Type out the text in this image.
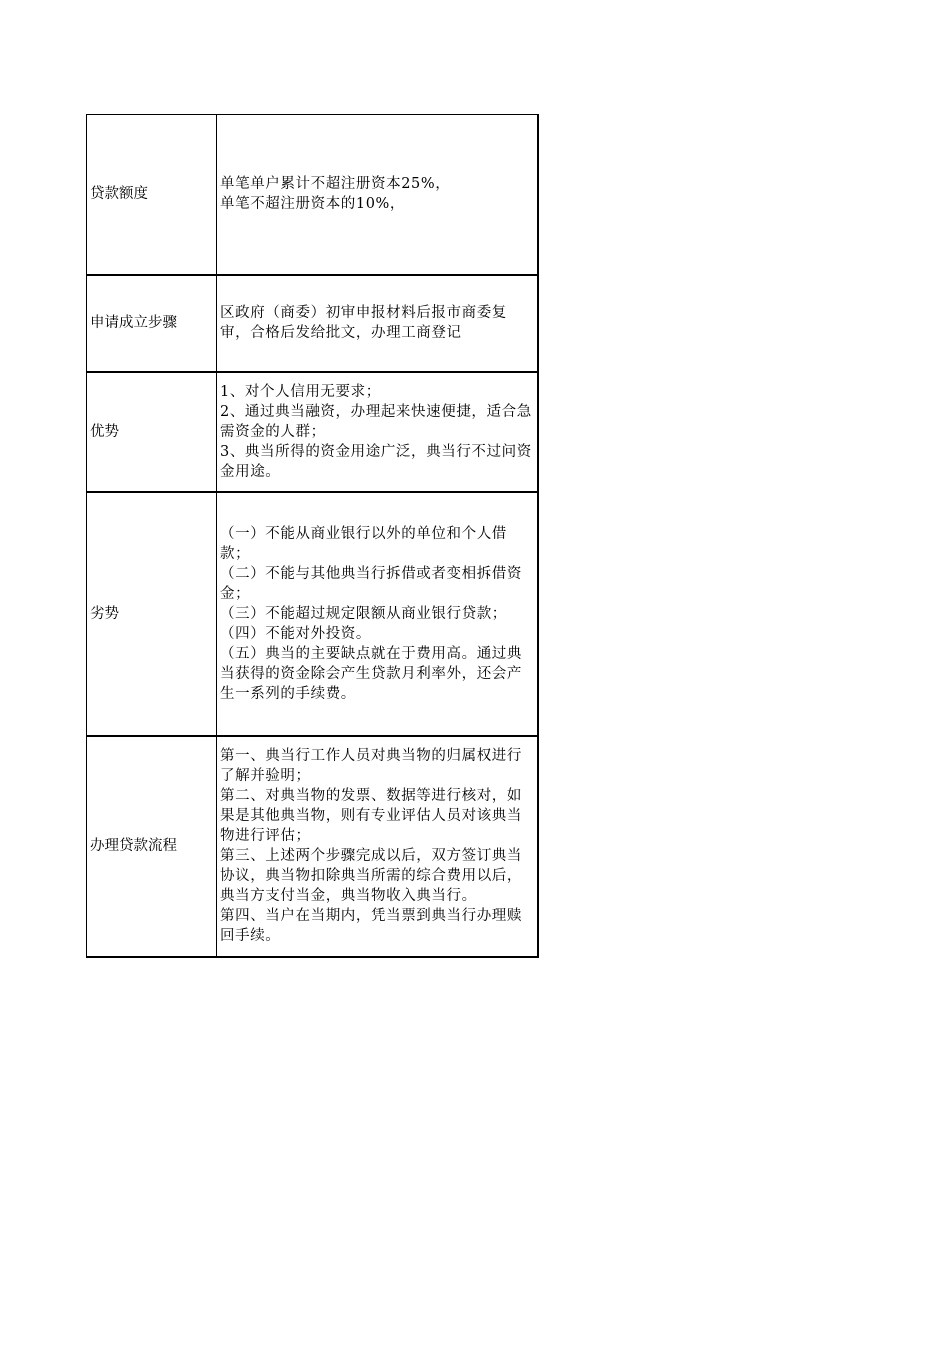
贷款额度	单笔单户累计不超注册资本25%，
单笔不超注册资本的10%，

申请成立步骤	区政府（商委）初审申报材料后报市商委复审，合格后发给批文，办理工商登记

优势	1、对个人信用无要求；
2、通过典当融资，办理起来快速便捷，适合急需资金的人群；
3、典当所得的资金用途广泛，典当行不过问资金用途。

劣势	（一）不能从商业银行以外的单位和个人借款；
（二）不能与其他典当行拆借或者变相拆借资金；
（三）不能超过规定限额从商业银行贷款；
（四）不能对外投资。
（五）典当的主要缺点就在于费用高。通过典当获得的资金除会产生贷款月利率外，还会产生一系列的手续费。

办理贷款流程	第一、典当行工作人员对典当物的归属权进行了解并验明；
第二、对典当物的发票、数据等进行核对，如果是其他典当物，则有专业评估人员对该典当物进行评估；
第三、上述两个步骤完成以后，双方签订典当协议，典当物扣除典当所需的综合费用以后，典当方支付当金，典当物收入典当行。
第四、当户在当期内，凭当票到典当行办理赎回手续。
